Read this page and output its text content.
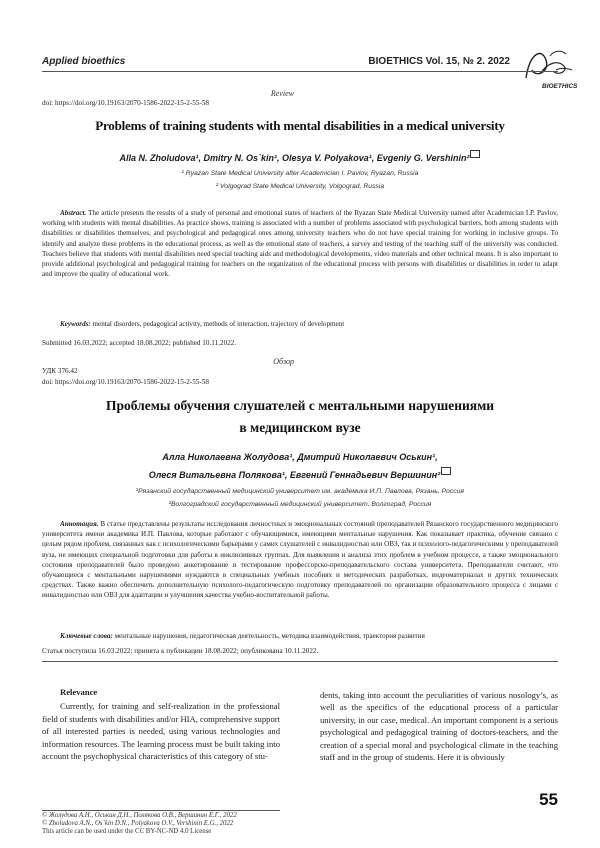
Applied bioethics	BIOETHICS Vol. 15, № 2. 2022
BIOETHICS
Review
doi: https://doi.org/10.19163/2070-1586-2022-15-2-55-58
Problems of training students with mental disabilities in a medical university
Alla N. Zholudova¹, Dmitry N. Os`kin¹, Olesya V. Polyakova¹, Evgeniy G. Vershinin²
¹ Ryazan State Medical University after Academician I. Pavlov, Ryazan, Russia
² Volgograd State Medical University, Volgograd, Russia
Abstract. The article presents the results of a study of personal and emotional states of teachers of the Ryazan State Medical University named after Academician I.P. Pavlov, working with students with mental disabilities. As practice shows, training is associated with a number of problems associated with psychological barriers, both among students with disabilities or disabilities themselves, and psychological and pedagogical ones among university teachers who do not have special training for working in inclusive groups. To identify and analyze these problems in the educational process, as well as the emotional state of teachers, a survey and testing of the teaching staff of the university was conducted. Teachers believe that students with mental disabilities need special teaching aids and methodological developments, video materials and other technical means. It is also important to provide additional psychological and pedagogical training for teachers on the organization of the educational process with persons with disabilities or disabilities in order to adapt and improve the quality of educational work.
Keywords: mental disorders, pedagogical activity, methods of interaction, trajectory of development
Submitted 16.03.2022; accepted 18.08.2022; published 10.11.2022.
Обзор
УДК 376.42
doi: https://doi.org/10.19163/2070-1586-2022-15-2-55-58
Проблемы обучения слушателей с ментальными нарушениями
в медицинском вузе
Алла Николаевна Жолудова¹, Дмитрий Николаевич Оськин¹,
Олеся Витальевна Полякова¹, Евгений Геннадьевич Вершинин²
¹Рязанский государственный медицинский университет им. академика И.П. Павлова, Рязань, Россия
²Волгоградский государственный медицинский университет, Волгоград, Россия
Аннотация. В статье представлены результаты исследования личностных и эмоциональных состояний преподавателей Рязанского государственного медицинского университета имени академика И.П. Павлова, которые работают с обучающимися, имеющими ментальные нарушения. Как показывает практика, обучение связано с целым рядом проблем, связанных как с психологическими барьерами у самих слушателей с инвалидностью или ОВЗ, так и психолого-педагогическими у преподавателей вуза, не имеющих специальной подготовки для работы в инклюзивных группах. Для выявления и анализа этих проблем в учебном процессе, а также эмоционального состояния преподавателей было проведено анкетирование и тестирование профессорско-преподавательского состава университета. Преподаватели считают, что обучающиеся с ментальными нарушениями нуждаются в специальных учебных пособиях и методических разработках, видеоматериалах и других технических средствах. Также важно обеспечить дополнительную психолого-педагогическую подготовку преподавателей по организации образовательного процесса с лицами с инвалидностью или ОВЗ для адаптации и улучшения качества учебно-воспитательной работы.
Ключевые слова: ментальные нарушения, педагогическая деятельность, методика взаимодействия, траектория развития
Статья поступила 16.03.2022; принята к публикации 18.08.2022; опубликована 10.11.2022.
Relevance
Currently, for training and self-realization in the professional field of students with disabilities and/or HIA, comprehensive support of all interested parties is needed, using various technologies and information resources. The learning process must be built taking into account the psychophysical characteristics of this category of stu-
dents, taking into account the peculiarities of various nosology’s, as well as the specifics of the educational process of a particular university, in our case, medical. An important component is a serious psychological and pedagogical training of doctors-teachers, and the creation of a special moral and psychological climate in the teaching staff and in the group of students. Here it is obviously
© Жолудова А.Н., Оськин Д.Н., Полякова О.В., Вершинин Е.Г., 2022
© Zholudova A.N., Os`kin D.N., Polyakova O.V., Vershinin E.G., 2022
This article can be used under the CC BY-NC-ND 4.0 License
55
